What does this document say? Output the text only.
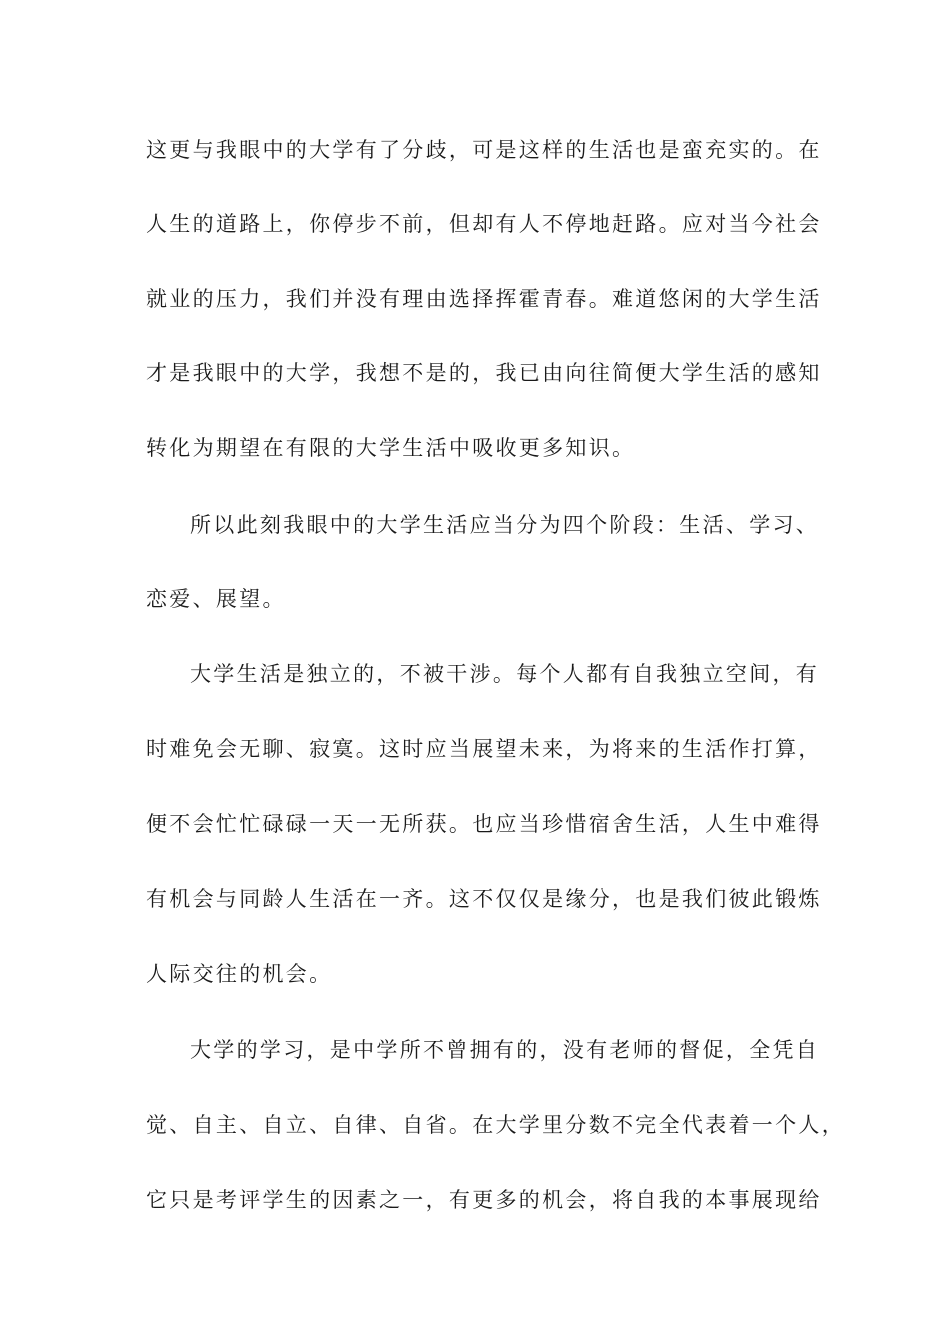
这更与我眼中的大学有了分歧，可是这样的生活也是蛮充实的。在
人生的道路上，你停步不前，但却有人不停地赶路。应对当今社会
就业的压力，我们并没有理由选择挥霍青春。难道悠闲的大学生活
才是我眼中的大学，我想不是的，我已由向往简便大学生活的感知
转化为期望在有限的大学生活中吸收更多知识。
所以此刻我眼中的大学生活应当分为四个阶段：生活、学习、
恋爱、展望。
大学生活是独立的，不被干涉。每个人都有自我独立空间，有
时难免会无聊、寂寞。这时应当展望未来，为将来的生活作打算，
便不会忙忙碌碌一天一无所获。也应当珍惜宿舍生活，人生中难得
有机会与同龄人生活在一齐。这不仅仅是缘分，也是我们彼此锻炼
人际交往的机会。
大学的学习，是中学所不曾拥有的，没有老师的督促，全凭自
觉、自主、自立、自律、自省。在大学里分数不完全代表着一个人，
它只是考评学生的因素之一，有更多的机会，将自我的本事展现给
